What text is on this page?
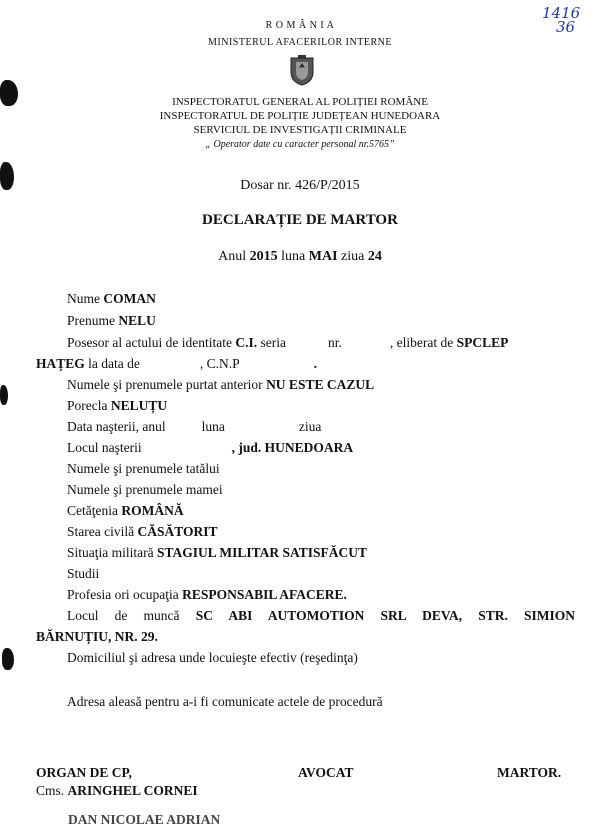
1416
36
R O M Â N I A
MINISTERUL AFACERILOR INTERNE
INSPECTORATUL GENERAL AL POLIȚIEI ROMÂNE
INSPECTORATUL DE POLIȚIE JUDEȚEAN HUNEDOARA
SERVICIUL DE INVESTIGAȚII CRIMINALE
„ Operator date cu caracter personal nr.5765”
Dosar nr. 426/P/2015
DECLARAȚIE DE MARTOR
Anul 2015 luna MAI ziua 24
Nume COMAN
Prenume NELU
Posesor al actului de identitate C.I. seria	nr.	, eliberat de SPCLEP
HAȚEG la data de	, C.N.P	.
Numele şi prenumele purtat anterior NU ESTE CAZUL
Porecla NELUȚU
Data naşterii, anul	luna	ziua
Locul naşterii	, jud. HUNEDOARA
Numele şi prenumele tatălui
Numele şi prenumele mamei
Cetăţenia ROMÂNĂ
Starea civilă CĂSĂTORIT
Situaţia militară STAGIUL MILITAR SATISFĂCUT
Studii
Profesia ori ocupaţia RESPONSABIL AFACERE.
Locul de muncă SC ABI AUTOMOTION SRL DEVA, STR. SIMION
BĂRNUȚIU, NR. 29.
Domiciliul şi adresa unde locuieşte efectiv (reşedinţa)
Adresa aleasă pentru a-i fi comunicate actele de procedură
ORGAN DE CP,
Cms. ARINGHEL CORNEI
AVOCAT	MARTOR.
DAN NICOLAE ADRIAN
